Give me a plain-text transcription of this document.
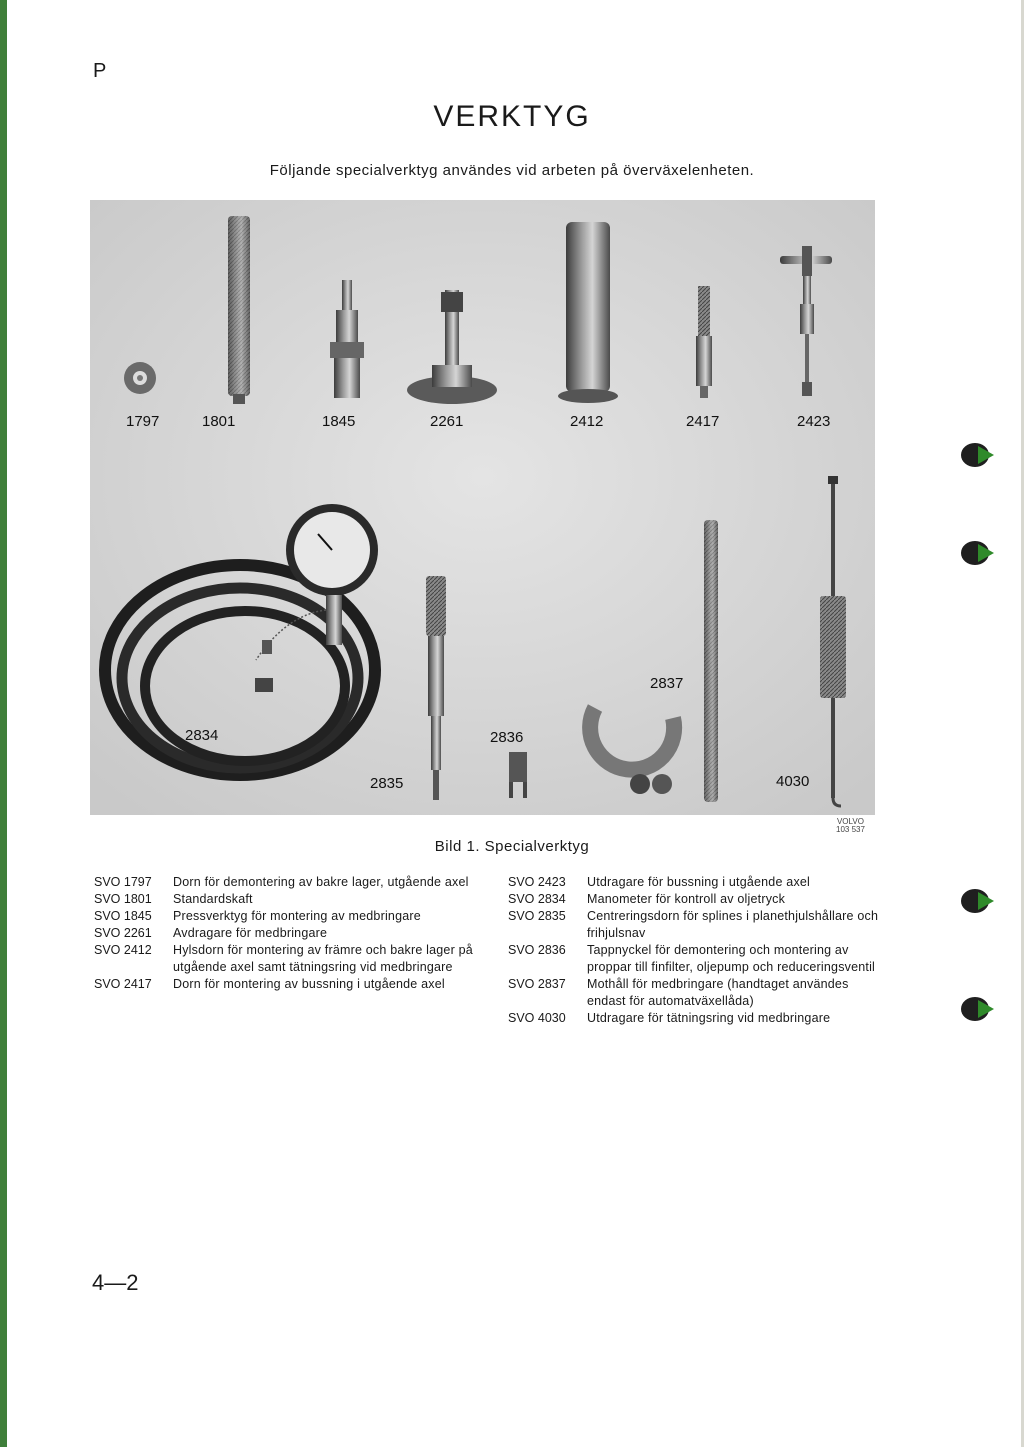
P
VERKTYG
Följande specialverktyg användes vid arbeten på överväxelenheten.
1797	1801	1845	2261	2412	2417	2423
2834
2835
2836
2837
4030
VOLVO
103 537
Bild 1. Specialverktyg
SVO 1797	Dorn för demontering av bakre lager, utgående axel
SVO 1801	Standardskaft
SVO 1845	Pressverktyg för montering av medbringare
SVO 2261	Avdragare för medbringare
SVO 2412	Hylsdorn för montering av främre och bakre lager på utgående axel samt tätningsring vid medbringare
SVO 2417	Dorn för montering av bussning i utgående axel
SVO 2423	Utdragare för bussning i utgående axel
SVO 2834	Manometer för kontroll av oljetryck
SVO 2835	Centreringsdorn för splines i planethjulshållare och frihjulsnav
SVO 2836	Tappnyckel för demontering och montering av proppar till finfilter, oljepump och reduceringsventil
SVO 2837	Mothåll för medbringare (handtaget användes endast för automatväxellåda)
SVO 4030	Utdragare för tätningsring vid medbringare
4—2
